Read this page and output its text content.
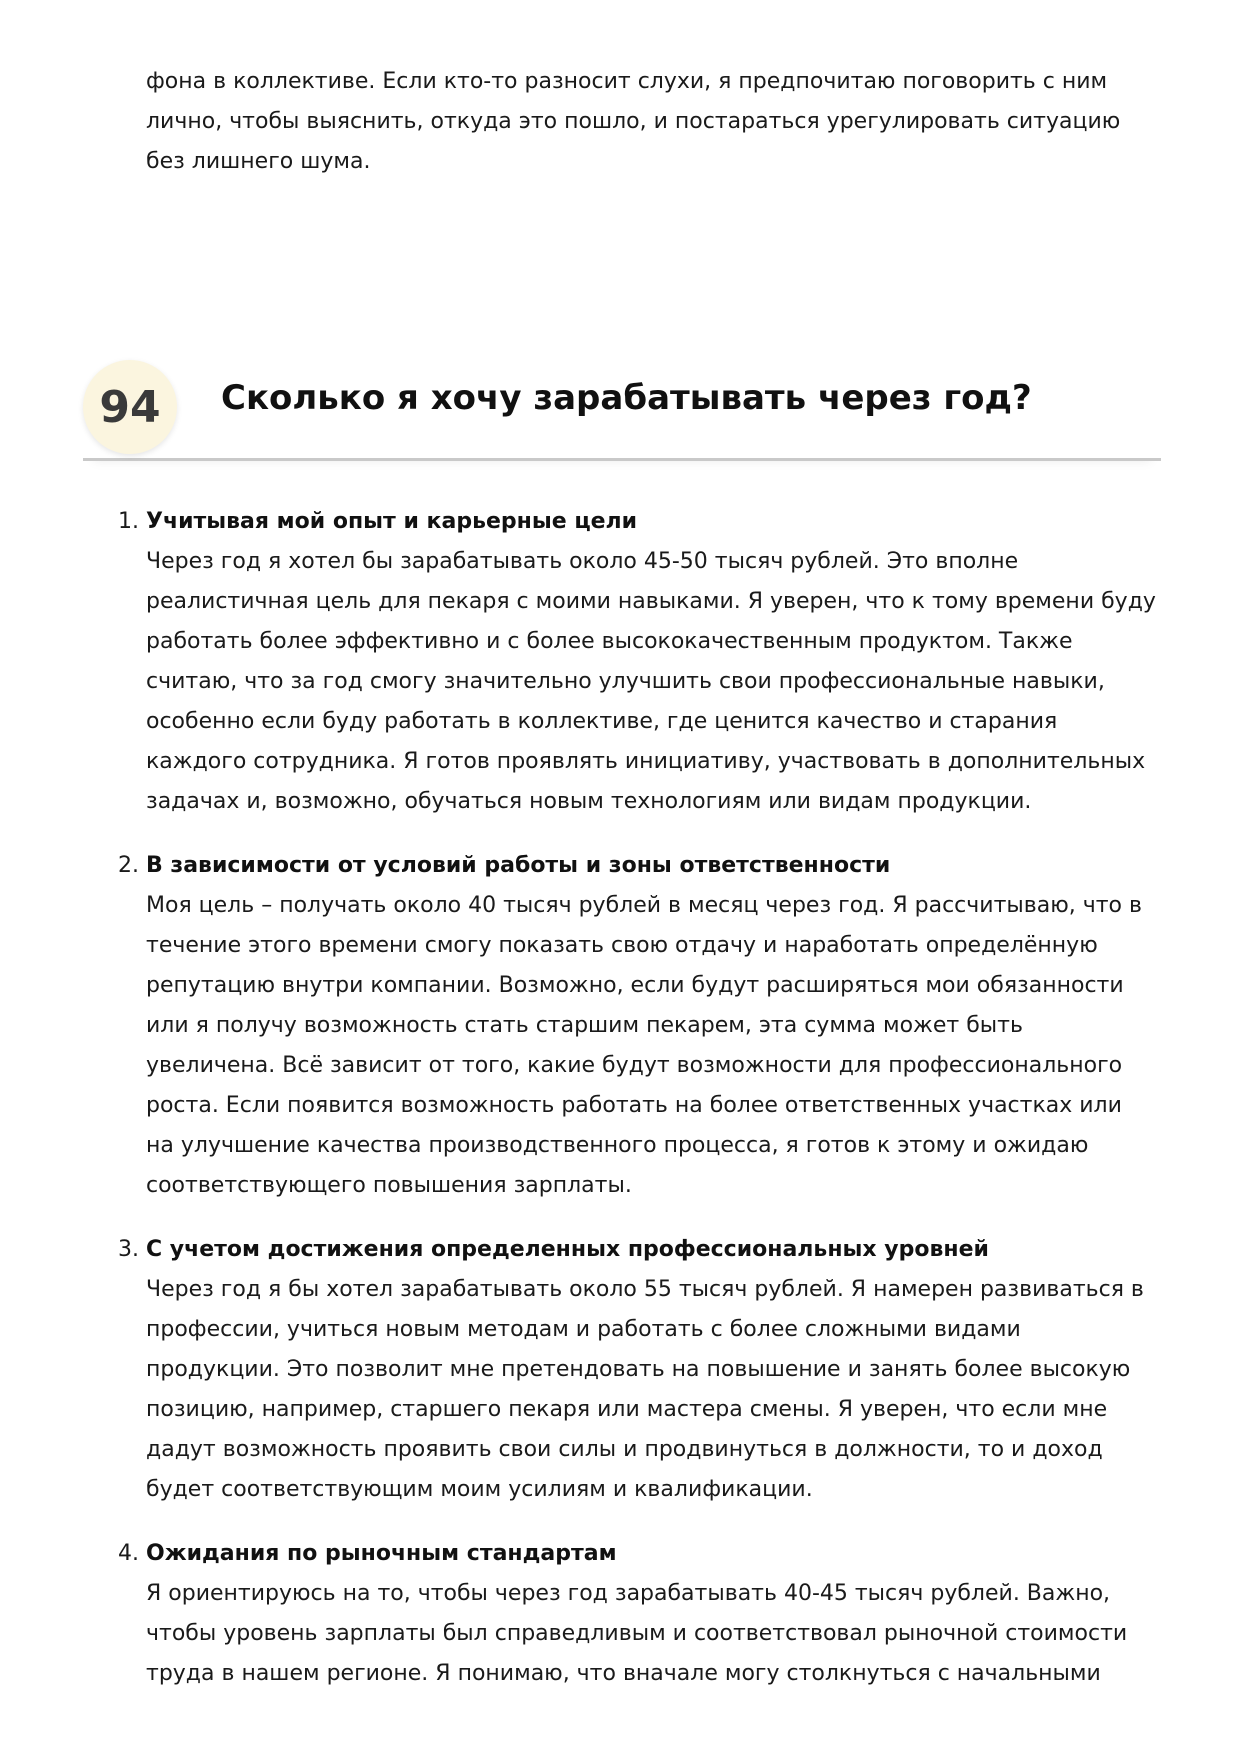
фона в коллективе. Если кто-то разносит слухи, я предпочитаю поговорить с ним лично, чтобы выяснить, откуда это пошло, и постараться урегулировать ситуацию без лишнего шума.

94	Сколько я хочу зарабатывать через год?
1. Учитывая мой опыт и карьерные цели

Через год я хотел бы зарабатывать около 45-50 тысяч рублей. Это вполне реалистичная цель для пекаря с моими навыками. Я уверен, что к тому времени буду работать более эффективно и с более высококачественным продуктом. Также считаю, что за год смогу значительно улучшить свои профессиональные навыки, особенно если буду работать в коллективе, где ценится качество и старания каждого сотрудника. Я готов проявлять инициативу, участвовать в дополнительных задачах и, возможно, обучаться новым технологиям или видам продукции.

2. В зависимости от условий работы и зоны ответственности

Моя цель – получать около 40 тысяч рублей в месяц через год. Я рассчитываю, что в течение этого времени смогу показать свою отдачу и наработать определённую репутацию внутри компании. Возможно, если будут расширяться мои обязанности или я получу возможность стать старшим пекарем, эта сумма может быть увеличена. Всё зависит от того, какие будут возможности для профессионального роста. Если появится возможность работать на более ответственных участках или на улучшение качества производственного процесса, я готов к этому и ожидаю соответствующего повышения зарплаты.

3. С учетом достижения определенных профессиональных уровней

Через год я бы хотел зарабатывать около 55 тысяч рублей. Я намерен развиваться в профессии, учиться новым методам и работать с более сложными видами продукции. Это позволит мне претендовать на повышение и занять более высокую позицию, например, старшего пекаря или мастера смены. Я уверен, что если мне дадут возможность проявить свои силы и продвинуться в должности, то и доход будет соответствующим моим усилиям и квалификации.

4. Ожидания по рыночным стандартам

Я ориентируюсь на то, чтобы через год зарабатывать 40-45 тысяч рублей. Важно, чтобы уровень зарплаты был справедливым и соответствовал рыночной стоимости труда в нашем регионе. Я понимаю, что вначале могу столкнуться с начальными
